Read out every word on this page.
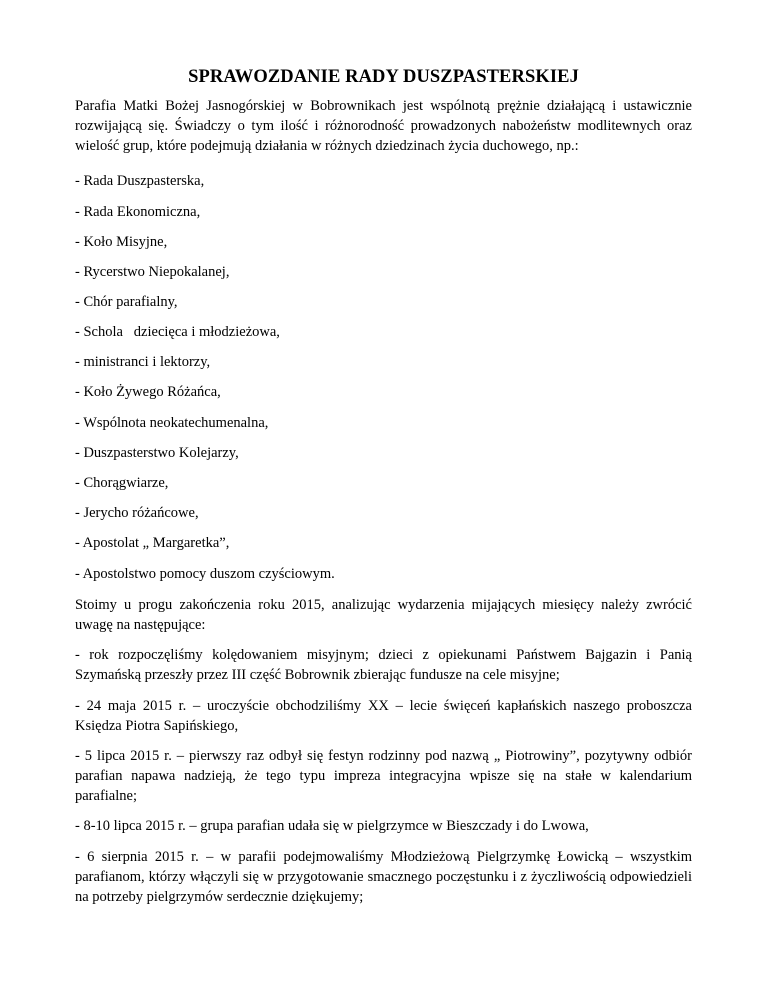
SPRAWOZDANIE RADY DUSZPASTERSKIEJ

Parafia Matki Bożej Jasnogórskiej w Bobrownikach jest wspólnotą prężnie działającą i ustawicznie rozwijającą się. Świadczy o tym ilość i różnorodność prowadzonych nabożeństw modlitewnych oraz wielość grup, które podejmują działania w różnych dziedzinach życia duchowego, np.:

- Rada Duszpasterska,
- Rada Ekonomiczna,
- Koło Misyjne,
- Rycerstwo Niepokalanej,
- Chór parafialny,
- Schola   dziecięca i młodzieżowa,
- ministranci i lektorzy,
- Koło Żywego Różańca,
- Wspólnota neokatechumenalna,
- Duszpasterstwo Kolejarzy,
- Chorągwiarze,
- Jerycho różańcowe,
- Apostolat „ Margaretka”,
- Apostolstwo pomocy duszom czyściowym.

Stoimy u progu zakończenia roku 2015, analizując wydarzenia mijających miesięcy należy zwrócić uwagę na następujące:

- rok rozpoczęliśmy kolędowaniem misyjnym; dzieci z opiekunami Państwem Bajgazin i Panią Szymańską przeszły przez III część Bobrownik zbierając fundusze na cele misyjne;

- 24 maja 2015 r. – uroczyście obchodziliśmy XX – lecie święceń kapłańskich naszego proboszcza Księdza Piotra Sapińskiego,

- 5 lipca 2015 r. – pierwszy raz odbył się festyn rodzinny pod nazwą „ Piotrowiny”, pozytywny odbiór parafian napawa nadzieją, że tego typu impreza integracyjna wpisze się na stałe w kalendarium parafialne;

- 8-10 lipca 2015 r. – grupa parafian udała się w pielgrzymce w Bieszczady i do Lwowa,

- 6 sierpnia 2015 r. – w parafii podejmowaliśmy Młodzieżową Pielgrzymkę Łowicką – wszystkim parafianom, którzy włączyli się w przygotowanie smacznego poczęstunku i z życzliwością odpowiedzieli na potrzeby pielgrzymów serdecznie dziękujemy;
